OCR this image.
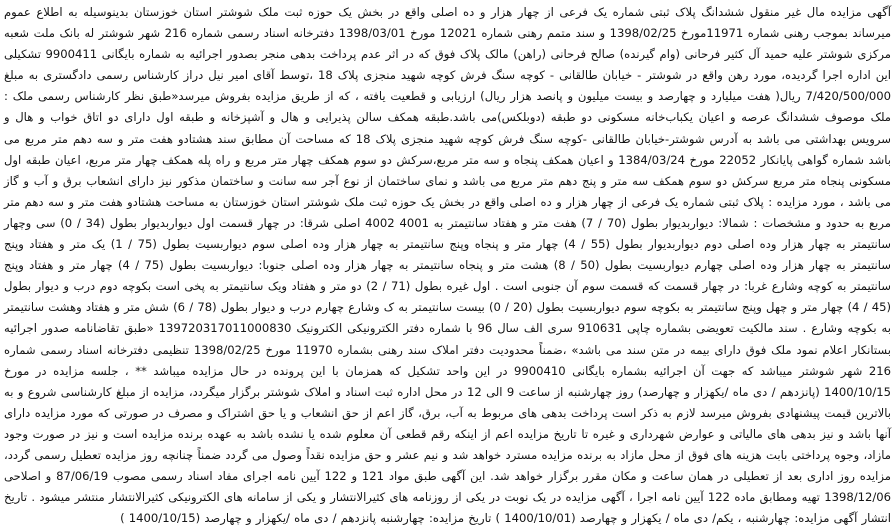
آگهی مزایده مال غیر منقول ششدانگ پلاک ثبتی شماره یک فرعی از چهار هزار و ده اصلی واقع در بخش یک حوزه ثبت ملک شوشتر استان خوزستان بدینوسیله به اطلاع عموم میرساند بموجب رهنی شماره 11971مورخ 1398/02/25 و سند متمم رهنی شماره 12021 مورخ 1398/03/01 دفترخانه اسناد رسمی شماره 216 شهر شوشتر له بانک ملت شعبه مرکزی شوشتر علیه حمید آل کثیر فرحانی (وام گیرنده) صالح فرحانی (راهن) مالک پلاک فوق که در اثر عدم پرداخت بدهی منجر بصدور اجرائیه به شماره بایگانی 9900411 تشکیلی این اداره اجرا گردیده، مورد رهن واقع در شوشتر - خیابان طالقانی - کوچه سنگ فرش کوچه شهید منجزی پلاک 18 ،توسط آقای امیر نیل دراز کارشناس رسمی دادگستری به مبلغ 7/420/500/000 ریال( هفت میلیارد و چهارصد و بیست میلیون و پانصد هزار ریال) ارزیابی و قطعیت یافته ، که از طریق مزایده بفروش میرسد«طبق نظر کارشناس رسمی ملک : ملک موصوف ششدانگ عرصه و اعیان یکباب‌خانه مسکونی دو طبقه (دوبلکس)می باشد.طبقه همکف سالن پذیرایی و هال و آشپزخانه و طبقه اول دارای دو اتاق خواب و هال و سرویس بهداشتی می باشد به آدرس شوشتر-خیابان طالقانی -کوچه سنگ فرش کوچه شهید منجزی پلاک 18 که مساحت آن مطابق سند هشتادو هفت متر و سه دهم متر مربع می باشد شماره گواهی پایانکار 22052 مورخ 1384/03/24 و اعیان همکف پنجاه و سه متر مربع،سرکش دو سوم همکف چهار متر مربع و راه پله همکف چهار متر مربع، اعیان طبقه اول مسکونی پنجاه متر مربع سرکش دو سوم همکف سه متر و پنج دهم متر مربع می باشد و نمای ساختمان از نوع آجر سه سانت و ساختمان مذکور نیز دارای انشعاب برق و آب و گاز می باشد ، مورد مزایده : پلاک ثبتی شماره یک فرعی از چهار هزار و ده اصلی واقع در بخش یک حوزه ثبت ملک شوشتر استان خوزستان به مساحت هشتادو هفت متر و سه دهم متر مربع به حدود و مشخصات : شمالا: دیواربدیوار بطول (70 / 7) هفت متر و هفتاد سانتیمتر به 4001 4002 اصلی شرقا: در چهار قسمت اول دیواربدیوار بطول (34 / 0) سی وچهار سانتیمتر به چهار هزار وده اصلی دوم دیواربدیوار بطول (55 / 4) چهار متر و پنجاه وپنج سانتیمتر به چهار هزار وده اصلی سوم دیواربسیت بطول (75 / 1) یک متر و هفتاد وپنج سانتیمتر به چهار هزار وده اصلی چهارم دیواربسیت بطول (50 / 8) هشت متر و پنجاه سانتیمتر به چهار هزار وده اصلی جنوبا: دیواربسیت بطول (75 / 4) چهار متر و هفتاد وپنج سانتیمتر به کوچه وشارع غربا: در چهار قسمت که قسمت سوم آن جنوبی است . اول غیره بطول (71 / 2) دو متر و هفتاد ویک سانتیمتر به پخی است بکوچه دوم درب و دیوار بطول (45 / 4) چهار متر و چهل وپنج سانتیمتر به بکوچه سوم دیواربسیت بطول (20 / 0) بیست سانتیمتر به ک وشارع چهارم درب و دیوار بطول (78 / 6) شش متر و هفتاد وهشت سانتیمتر به بکوچه وشارع . سند مالکیت تعویضی بشماره چاپی 910631 سری الف سال 96 با شماره دفتر الکترونیکی الکترونیک 139720317011000830 «طبق تقاضانامه صدور اجرائیه بستانکار اعلام نمود ملک فوق دارای بیمه در متن سند می باشد» ،ضمناً محدودیت دفتر املاک سند رهنی بشماره 11970 مورخ 1398/02/25 تنظیمی دفترخانه اسناد رسمی شماره 216 شهر شوشتر میباشد که جهت آن اجرائیه بشماره بایگانی 9900410 در این واحد تشکیل که همزمان با این پرونده در حال مزایده میباشد ** ، جلسه مزایده در مورخ 1400/10/15 (پانزدهم / دی ماه /یکهزار و چهارصد) روز چهارشنبه از ساعت 9 الی 12 در محل اداره ثبت اسناد و املاک شوشتر برگزار میگردد، مزایده از مبلغ کارشناسی شروع و به بالاترین قیمت پیشنهادی بفروش میرسد لازم به ذکر است پرداخت بدهی های مربوط به آب، برق، گاز اعم از حق انشعاب و یا حق اشتراک و مصرف در صورتی که مورد مزایده دارای آنها باشد و نیز بدهی های مالیاتی و عوارض شهرداری و غیره تا تاریخ مزایده اعم از اینکه رقم قطعی آن معلوم شده یا نشده باشد به عهده برنده مزایده است و نیز در صورت وجود مازاد، وجوه پرداختی بابت هزینه های فوق از محل مازاد به برنده مزایده مسترد خواهد شد و نیم عشر و حق مزایده نقداً وصول می گردد ضمناً چنانچه روز مزایده تعطیل رسمی گردد، مزایده روز اداری بعد از تعطیلی در همان ساعت و مکان مقرر برگزار خواهد شد. این آگهی طبق مواد 121 و 122 آیین نامه اجرای مفاد اسناد رسمی مصوب 87/06/19 و اصلاحی 1398/12/06 تهیه ومطابق ماده 122 آیین نامه اجرا ، آگهی مزایده در یک نوبت در یکی از روزنامه های کثیرالانتشار و یکی از سامانه های الکترونیکی کثیرالانتشار منتشر میشود . تاریخ انتشار آگهی مزایده: چهارشنبه ، یکم/ دی ماه / یکهزار و چهارصد (1400/10/01 ) تاریخ مزایده: چهارشنبه پانزدهم / دی ماه /یکهزار و چهارصد (1400/10/15 )
